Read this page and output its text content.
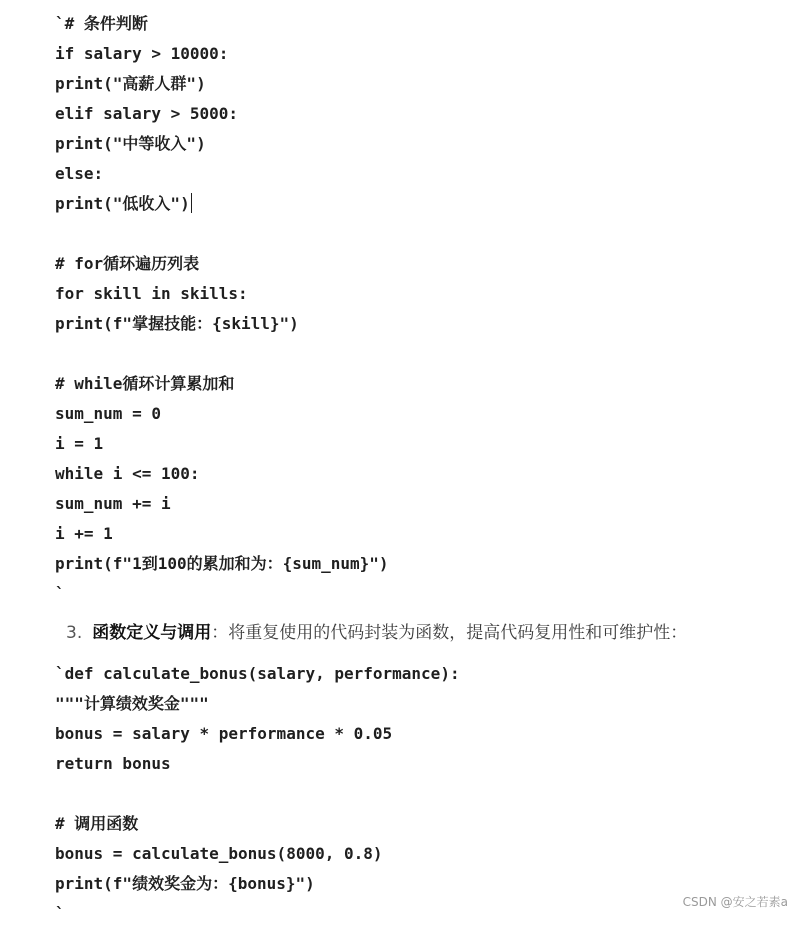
`# 条件判断
if salary > 10000:
print("高薪人群")
elif salary > 5000:
print("中等收入")
else:
print("低收入")
# for循环遍历列表
for skill in skills:
print(f"掌握技能：{skill}")
# while循环计算累加和
sum_num = 0
i = 1
while i <= 100:
sum_num += i
i += 1
print(f"1到100的累加和为：{sum_num}")
`
3. 函数定义与调用：将重复使用的代码封装为函数，提高代码复用性和可维护性：
`def calculate_bonus(salary, performance):
"""计算绩效奖金"""
bonus = salary * performance * 0.05
return bonus
# 调用函数
bonus = calculate_bonus(8000, 0.8)
print(f"绩效奖金为：{bonus}")
`
CSDN @安之若素a
